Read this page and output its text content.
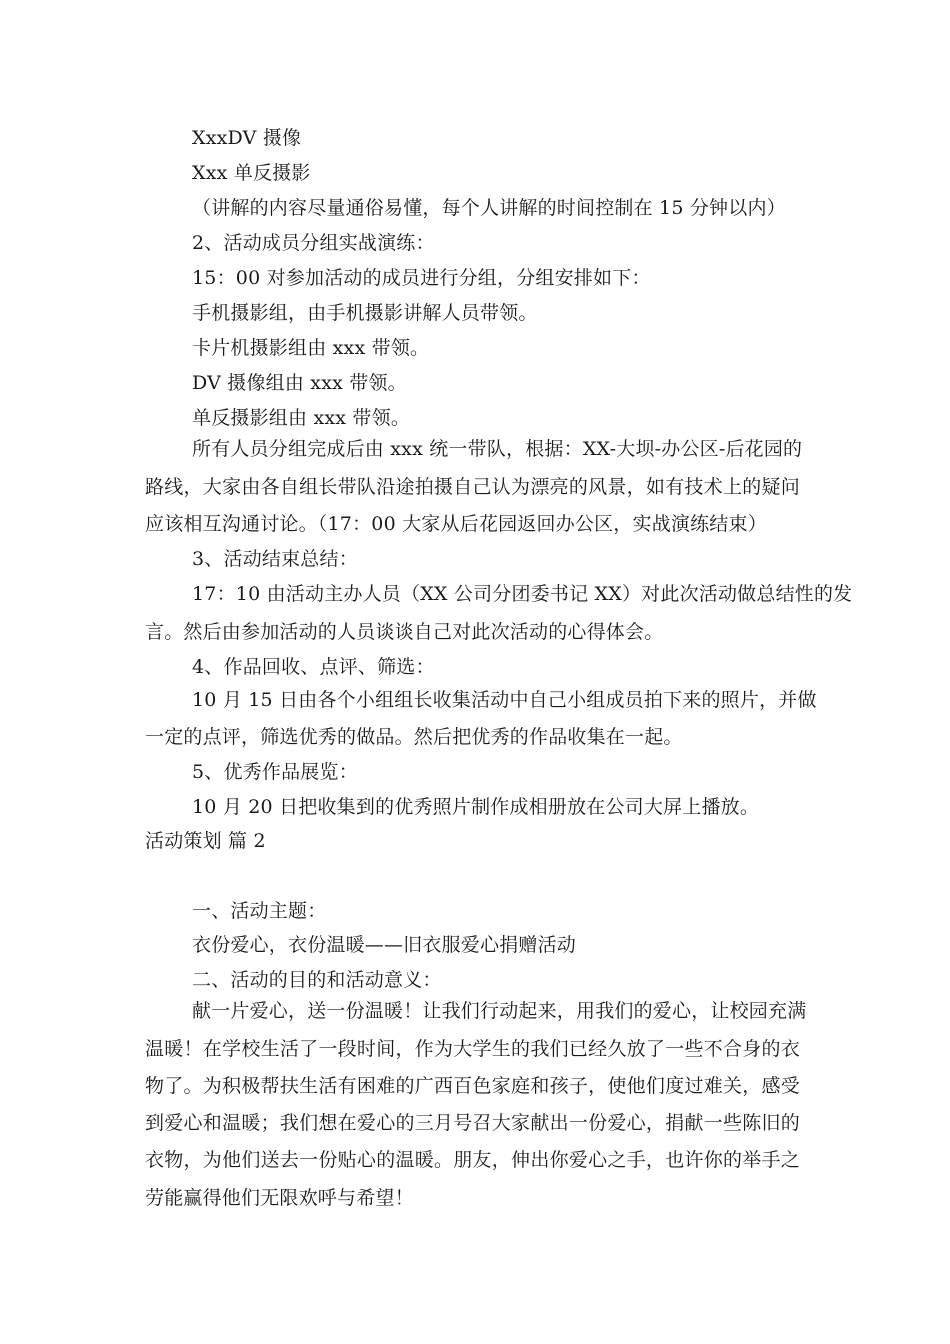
XxxDV 摄像
Xxx 单反摄影
（讲解的内容尽量通俗易懂，每个人讲解的时间控制在 15 分钟以内）
2、活动成员分组实战演练：
15：00 对参加活动的成员进行分组，分组安排如下：
手机摄影组，由手机摄影讲解人员带领。
卡片机摄影组由 xxx 带领。
DV 摄像组由 xxx 带领。
单反摄影组由 xxx 带领。
所有人员分组完成后由 xxx 统一带队，根据：XX-大坝-办公区-后花园的
路线，大家由各自组长带队沿途拍摄自己认为漂亮的风景，如有技术上的疑问
应该相互沟通讨论。（17：00 大家从后花园返回办公区，实战演练结束）
3、活动结束总结：
17：10 由活动主办人员（XX 公司分团委书记 XX）对此次活动做总结性的发
言。然后由参加活动的人员谈谈自己对此次活动的心得体会。
4、作品回收、点评、筛选：
10 月 15 日由各个小组组长收集活动中自己小组成员拍下来的照片，并做
一定的点评，筛选优秀的做品。然后把优秀的作品收集在一起。
5、优秀作品展览：
10 月 20 日把收集到的优秀照片制作成相册放在公司大屏上播放。
活动策划 篇 2
一、活动主题：
衣份爱心，衣份温暖——旧衣服爱心捐赠活动
二、活动的目的和活动意义：
献一片爱心，送一份温暖！让我们行动起来，用我们的爱心，让校园充满
温暖！在学校生活了一段时间，作为大学生的我们已经久放了一些不合身的衣
物了。为积极帮扶生活有困难的广西百色家庭和孩子，使他们度过难关，感受
到爱心和温暖；我们想在爱心的三月号召大家献出一份爱心，捐献一些陈旧的
衣物，为他们送去一份贴心的温暖。朋友，伸出你爱心之手，也许你的举手之
劳能赢得他们无限欢呼与希望！
